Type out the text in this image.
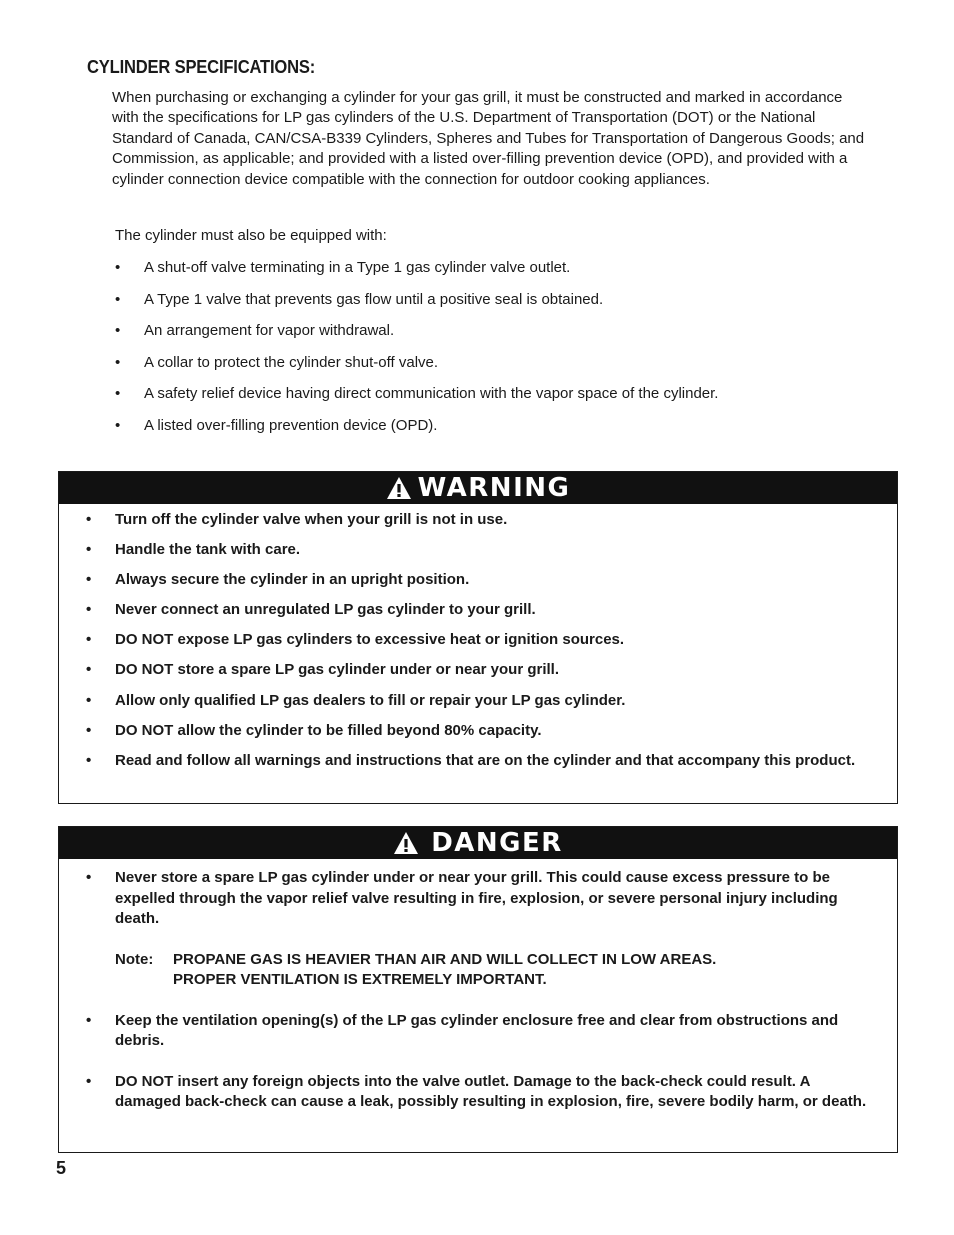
CYLINDER SPECIFICATIONS:
When purchasing or exchanging a cylinder for your gas grill, it must be constructed and marked in accordance with the specifications for LP gas cylinders of the U.S. Department of Transportation (DOT) or the National Standard of Canada, CAN/CSA-B339 Cylinders, Spheres and Tubes for Transportation of Dangerous Goods; and Commission, as applicable; and provided with a listed over-filling prevention device (OPD), and provided with a cylinder connection device compatible with the connection for outdoor cooking appliances.
The cylinder must also be equipped with:
• A shut-off valve terminating in a Type 1 gas cylinder valve outlet.
• A Type 1 valve that prevents gas flow until a positive seal is obtained.
• An arrangement for vapor withdrawal.
• A collar to protect the cylinder shut-off valve.
• A safety relief device having direct communication with the vapor space of the cylinder.
• A listed over-filling prevention device (OPD).
WARNING
• Turn off the cylinder valve when your grill is not in use.
• Handle the tank with care.
• Always secure the cylinder in an upright position.
• Never connect an unregulated LP gas cylinder to your grill.
• DO NOT expose LP gas cylinders to excessive heat or ignition sources.
• DO NOT store a spare LP gas cylinder under or near your grill.
• Allow only qualified LP gas dealers to fill or repair your LP gas cylinder.
• DO NOT allow the cylinder to be filled beyond 80% capacity.
• Read and follow all warnings and instructions that are on the cylinder and that accompany this product.
DANGER
• Never store a spare LP gas cylinder under or near your grill. This could cause excess pressure to be expelled through the vapor relief valve resulting in fire, explosion, or severe personal injury including death.
Note:	PROPANE GAS IS HEAVIER THAN AIR AND WILL COLLECT IN LOW AREAS. PROPER VENTILATION IS EXTREMELY IMPORTANT.
• Keep the ventilation opening(s) of the LP gas cylinder enclosure free and clear from obstructions and debris.
• DO NOT insert any foreign objects into the valve outlet. Damage to the back-check could result. A damaged back-check can cause a leak, possibly resulting in explosion, fire, severe bodily harm, or death.
5
